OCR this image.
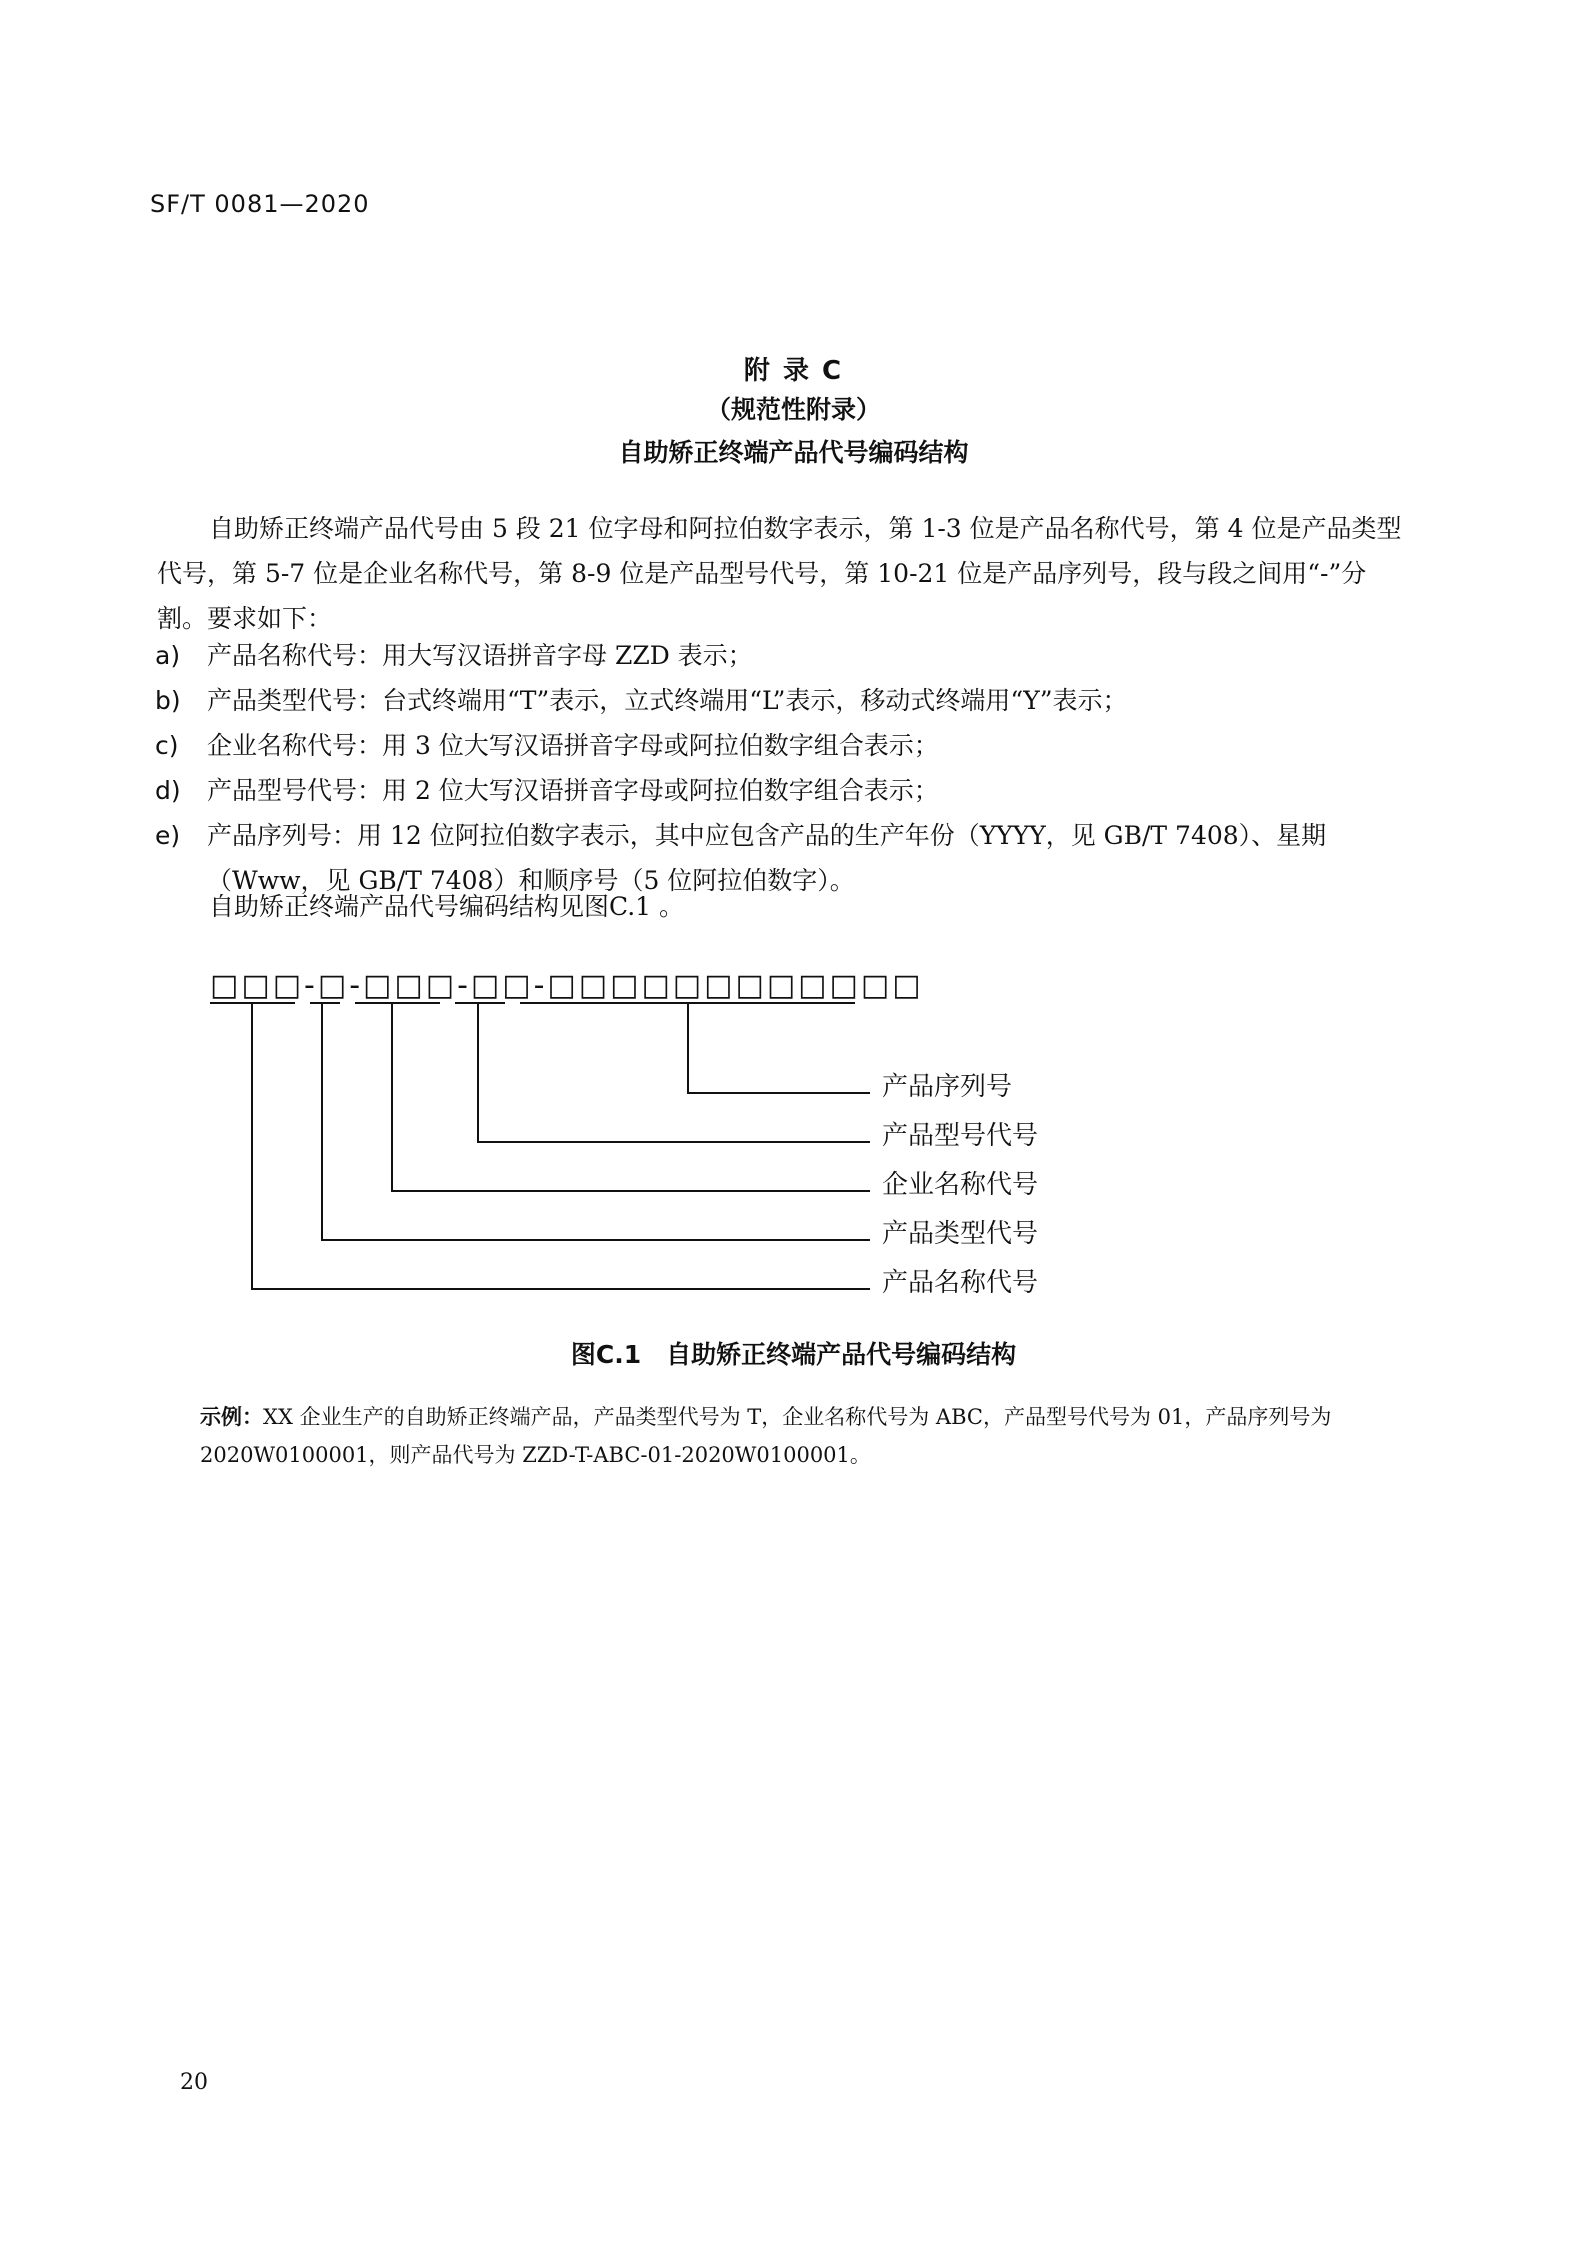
SF/T 0081—2020
附 录 C
（规范性附录）
自助矫正终端产品代号编码结构
自助矫正终端产品代号由 5 段 21 位字母和阿拉伯数字表示，第 1-3 位是产品名称代号，第 4 位是产品类型代号，第 5-7 位是企业名称代号，第 8-9 位是产品型号代号，第 10-21 位是产品序列号，段与段之间用“-”分割。要求如下：
a) 产品名称代号：用大写汉语拼音字母 ZZD 表示；
b) 产品类型代号：台式终端用“T”表示，立式终端用“L”表示，移动式终端用“Y”表示；
c) 企业名称代号：用 3 位大写汉语拼音字母或阿拉伯数字组合表示；
d) 产品型号代号：用 2 位大写汉语拼音字母或阿拉伯数字组合表示；
e) 产品序列号：用 12 位阿拉伯数字表示，其中应包含产品的生产年份（YYYY，见 GB/T 7408）、星期（Www，见 GB/T 7408）和顺序号（5 位阿拉伯数字）。
自助矫正终端产品代号编码结构见图C.1 。
□□□-□-□□□-□□-□□□□□□□□□□□□
产品序列号
产品型号代号
企业名称代号
产品类型代号
产品名称代号
图C.1　自助矫正终端产品代号编码结构
示例：XX 企业生产的自助矫正终端产品，产品类型代号为 T，企业名称代号为 ABC，产品型号代号为 01，产品序列号为 2020W0100001，则产品代号为 ZZD-T-ABC-01-2020W0100001。
20
